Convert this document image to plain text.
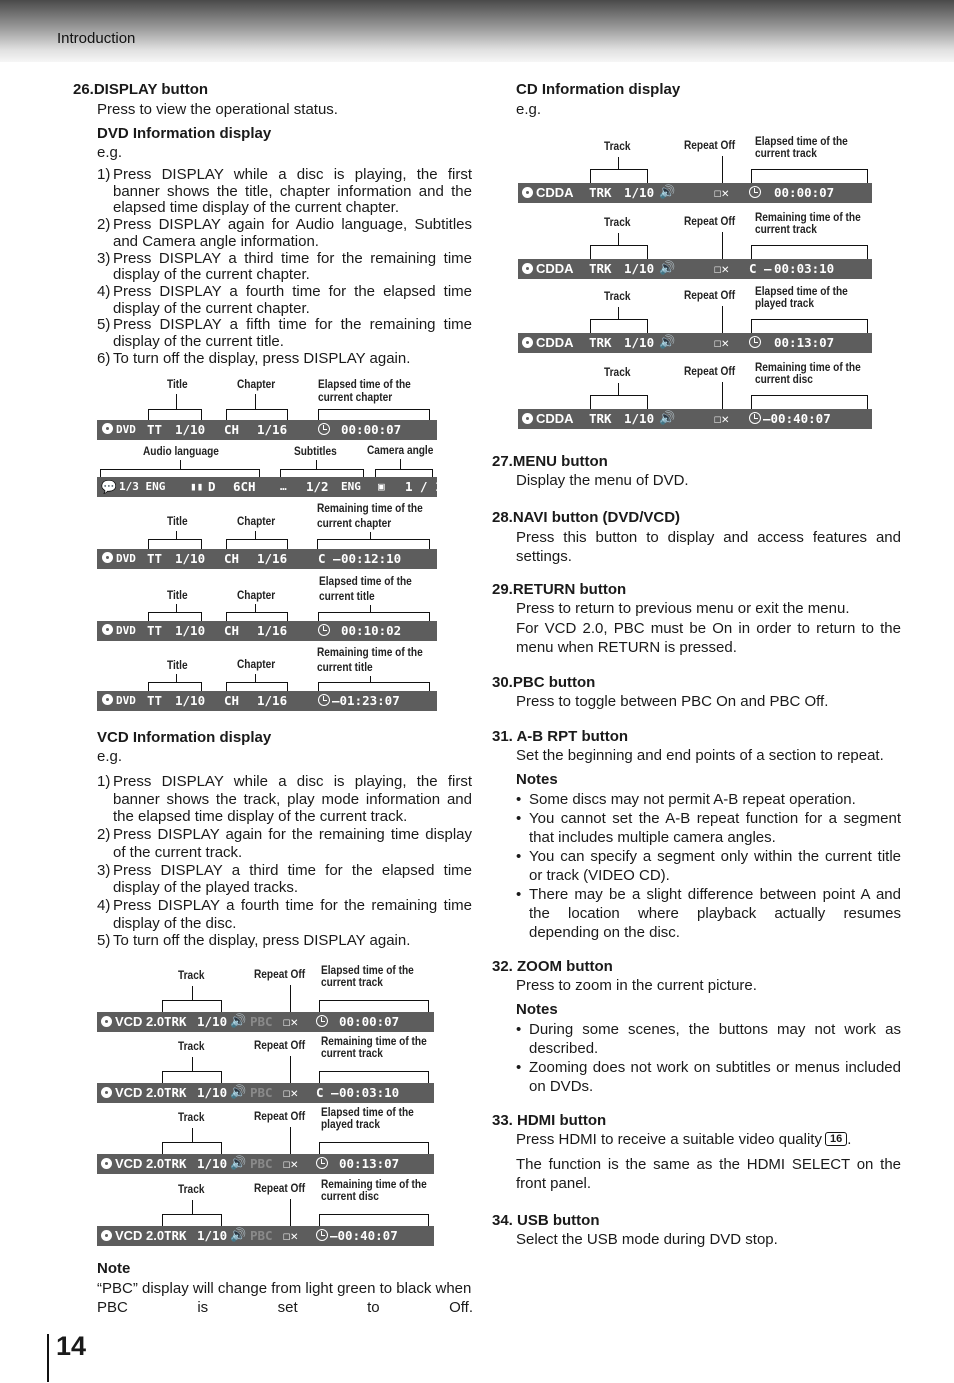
Introduction
26.DISPLAY button
Press to view the operational status.
DVD Information display
e.g.
1) Press DISPLAY while a disc is playing, the first banner shows the title, chapter information and the elapsed time display of the current chapter.
2) Press DISPLAY again for Audio language, Subtitles and Camera angle information.
3) Press DISPLAY a third time for the remaining time display of the current chapter.
4) Press DISPLAY a fourth time for the elapsed time display of the current chapter.
5) Press DISPLAY a fifth time for the remaining time display of the current title.
6) To turn off the display, press DISPLAY again.
Title	Chapter	Elapsed time of the
current chapter
DVD TT 1/10 CH 1/16	00:00:07
Audio language	Subtitles	Camera angle
💬 1/3 ENG ▮▮ D 6CH … 1/2 ENG ▣ 1 / 1
Title	Chapter
Remaining time of the
current chapter
DVD TT 1/10 CH 1/16 C – 00:12:10
Title	Chapter
Elapsed time of the
current title
DVD TT 1/10 CH 1/16	00:10:02
Title	Chapter
Remaining time of the
current title
DVD TT 1/10 CH 1/16	–01:23:07
VCD Information display
e.g.
1) Press DISPLAY while a disc is playing, the first banner shows the track, play mode information and the elapsed time display of the current track.
2) Press DISPLAY again for the remaining time display of the current track.
3) Press DISPLAY a third time for the elapsed time display of the played tracks.
4) Press DISPLAY a fourth time for the remaining time display of the disc.
5) To turn off the display, press DISPLAY again.
Track	Repeat Off Elapsed time of the
current track
VCD 2.0 TRK 1/10 🔊 PBC ☐✕	00:00:07
Track	Repeat Off Remaining time of the
current track
VCD 2.0 TRK 1/10 🔊 PBC ☐✕ C – 00:03:10
Track	Repeat Off Elapsed time of the
played track
VCD 2.0 TRK 1/10 🔊 PBC ☐✕	00:13:07
Track	Repeat Off Remaining time of the
current disc
VCD 2.0 TRK 1/10 🔊 PBC ☐✕	–00:40:07
Note
“PBC” display will change from light green to black when PBC is set to Off.
CD Information display
e.g.
Track	Repeat Off Elapsed time of the
current track
CDDA TRK 1/10 🔊	☐✕	00:00:07
Track	Repeat Off Remaining time of the
current track
CDDA TRK 1/10 🔊	☐✕ C – 00:03:10
Track	Repeat Off Elapsed time of the
played track
CDDA TRK 1/10 🔊	☐✕	00:13:07
Track	Repeat Off Remaining time of the
current disc
CDDA TRK 1/10 🔊	☐✕	–00:40:07
27.MENU button
Display the menu of DVD.
28.NAVI button (DVD/VCD)
Press this button to display and access features and settings.
29.RETURN button
Press to return to previous menu or exit the menu.
For VCD 2.0, PBC must be On in order to return to the menu when RETURN is pressed.
30.PBC button
Press to toggle between PBC On and PBC Off.
31. A-B RPT button
Set the beginning and end points of a section to repeat.
Notes
• Some discs may not permit A-B repeat operation.
• You cannot set the A-B repeat function for a segment that includes multiple camera angles.
• You can specify a segment only within the current title or track (VIDEO CD).
• There may be a slight difference between point A and the location where playback actually resumes depending on the disc.
32. ZOOM button
Press to zoom in the current picture.
Notes
• During some scenes, the buttons may not work as described.
• Zooming does not work on subtitles or menus included on DVDs.
33. HDMI button
Press HDMI to receive a suitable video quality 16 .
The function is the same as the HDMI SELECT on the front panel.
34. USB button
Select the USB mode during DVD stop.
14
